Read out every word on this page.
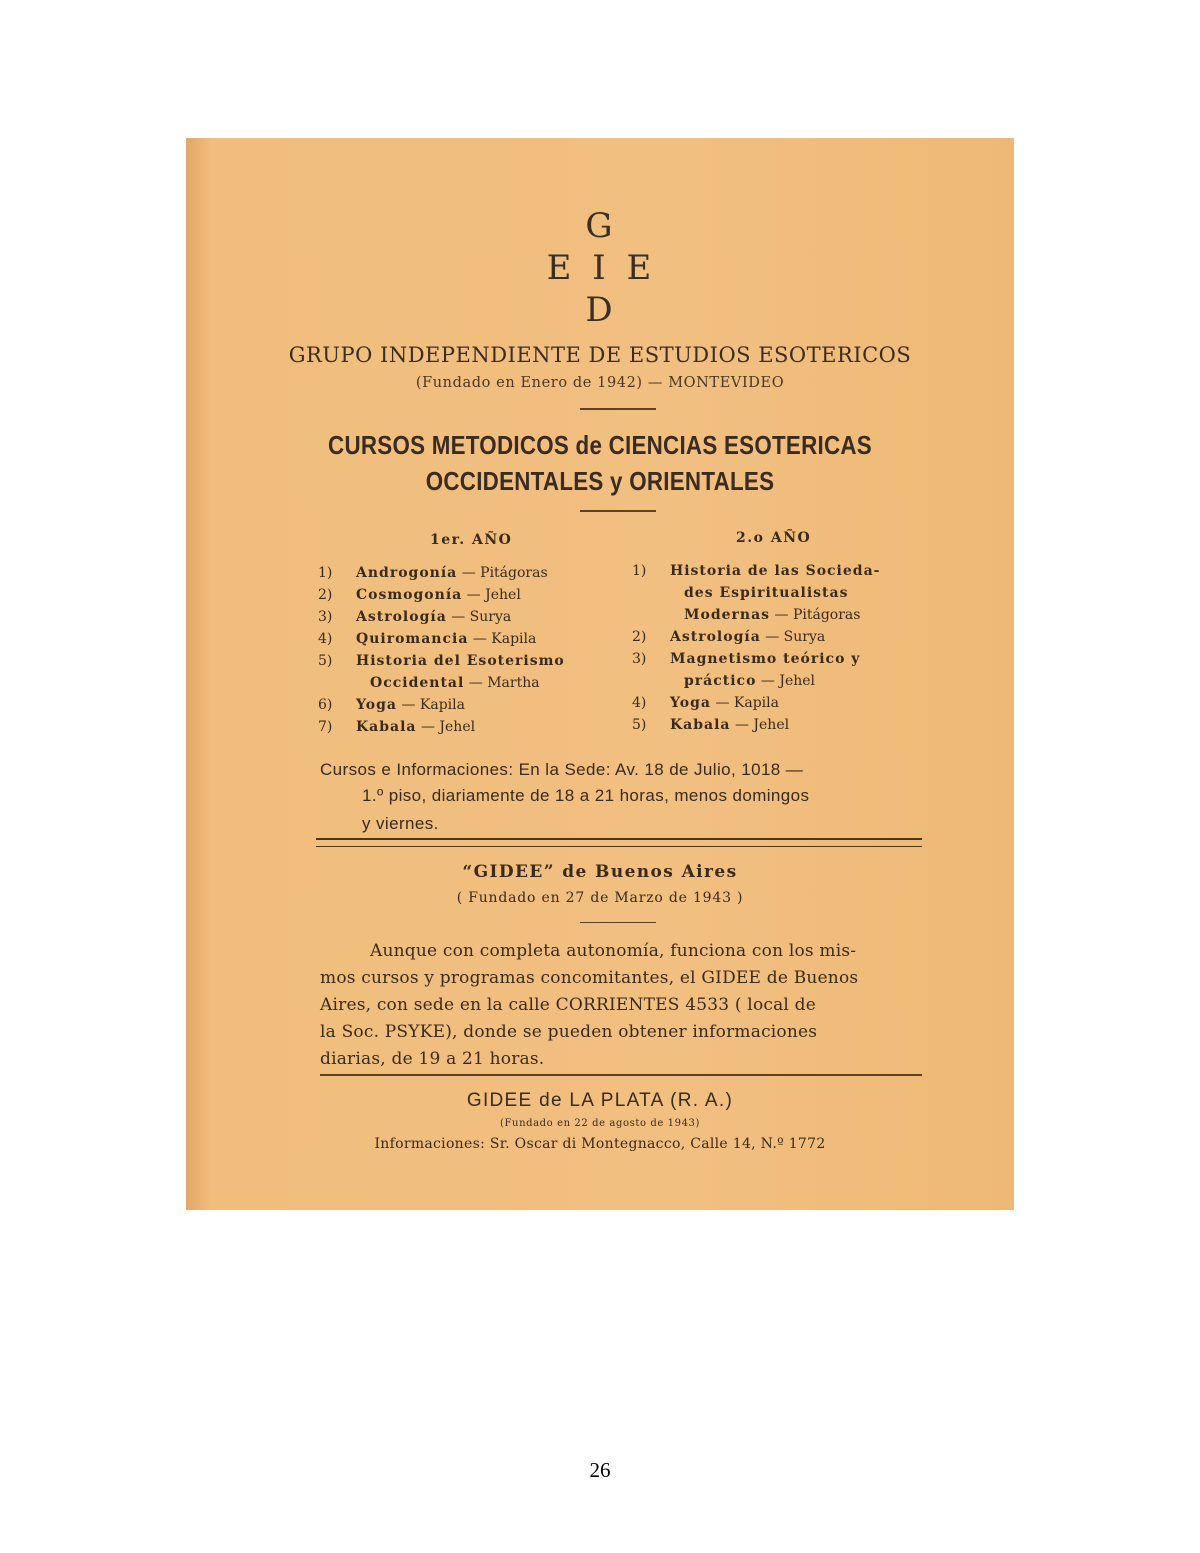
G
E I E
D
GRUPO INDEPENDIENTE DE ESTUDIOS ESOTERICOS
(Fundado en Enero de 1942) — MONTEVIDEO
CURSOS METODICOS de CIENCIAS ESOTERICAS
OCCIDENTALES y ORIENTALES
1er. AÑO
1) Androgonía — Pitágoras
2) Cosmogonía — Jehel
3) Astrología — Surya
4) Quiromancia — Kapila
5) Historia del Esoterismo
Occidental — Martha
6) Yoga — Kapila
7) Kabala — Jehel
2.o AÑO
1) Historia de las Socieda-
des Espiritualistas
Modernas — Pitágoras
2) Astrología — Surya
3) Magnetismo teórico y
práctico — Jehel
4) Yoga — Kapila
5) Kabala — Jehel
Cursos e Informaciones: En la Sede: Av. 18 de Julio, 1018 —
1.º piso, diariamente de 18 a 21 horas, menos domingos
y viernes.
“GIDEE” de Buenos Aires
( Fundado en 27 de Marzo de 1943 )
Aunque con completa autonomía, funciona con los mis-
mos cursos y programas concomitantes, el GIDEE de Buenos
Aires, con sede en la calle CORRIENTES 4533 ( local de
la Soc. PSYKE), donde se pueden obtener informaciones
diarias, de 19 a 21 horas.
GIDEE de LA PLATA (R. A.)
(Fundado en 22 de agosto de 1943)
Informaciones: Sr. Oscar di Montegnacco, Calle 14, N.º 1772
26
